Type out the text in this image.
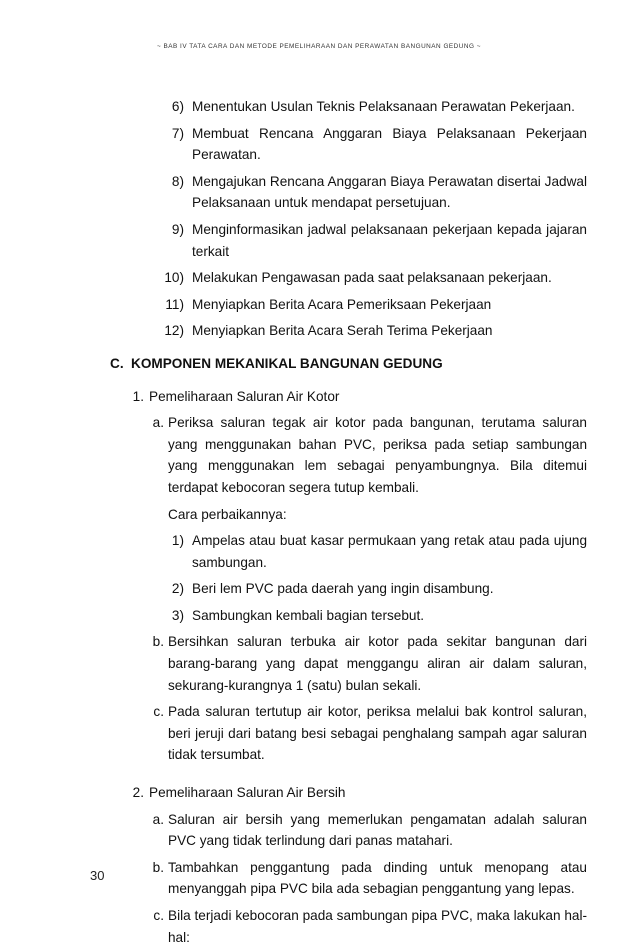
~ BAB IV TATA CARA DAN METODE PEMELIHARAAN DAN PERAWATAN BANGUNAN GEDUNG ~
6) Menentukan Usulan Teknis Pelaksanaan Perawatan Pekerjaan.
7) Membuat Rencana Anggaran Biaya Pelaksanaan Pekerjaan Perawatan.
8) Mengajukan Rencana Anggaran Biaya Perawatan disertai Jadwal Pelaksanaan untuk mendapat persetujuan.
9) Menginformasikan jadwal pelaksanaan pekerjaan kepada jajaran terkait
10) Melakukan Pengawasan pada saat pelaksanaan pekerjaan.
11) Menyiapkan Berita Acara Pemeriksaan Pekerjaan
12) Menyiapkan Berita Acara Serah Terima Pekerjaan
C. KOMPONEN MEKANIKAL BANGUNAN GEDUNG
1. Pemeliharaan Saluran Air Kotor
a. Periksa saluran tegak air kotor pada bangunan, terutama saluran yang menggunakan bahan PVC, periksa pada setiap sambungan yang menggunakan lem sebagai penyambungnya. Bila ditemui terdapat kebocoran segera tutup kembali.
Cara perbaikannya:
1) Ampelas atau buat kasar permukaan yang retak atau pada ujung sambungan.
2) Beri lem PVC pada daerah yang ingin disambung.
3) Sambungkan kembali bagian tersebut.
b. Bersihkan saluran terbuka air kotor pada sekitar bangunan dari barang-barang yang dapat menggangu aliran air dalam saluran, sekurang-kurangnya 1 (satu) bulan sekali.
c. Pada saluran tertutup air kotor, periksa melalui bak kontrol saluran, beri jeruji dari batang besi sebagai penghalang sampah agar saluran tidak tersumbat.
2. Pemeliharaan Saluran Air Bersih
a. Saluran air bersih yang memerlukan pengamatan adalah saluran PVC yang tidak terlindung dari panas matahari.
b. Tambahkan penggantung pada dinding untuk menopang atau menyanggah pipa PVC bila ada sebagian penggantung yang lepas.
c. Bila terjadi kebocoran pada sambungan pipa PVC, maka lakukan hal-hal:
30
